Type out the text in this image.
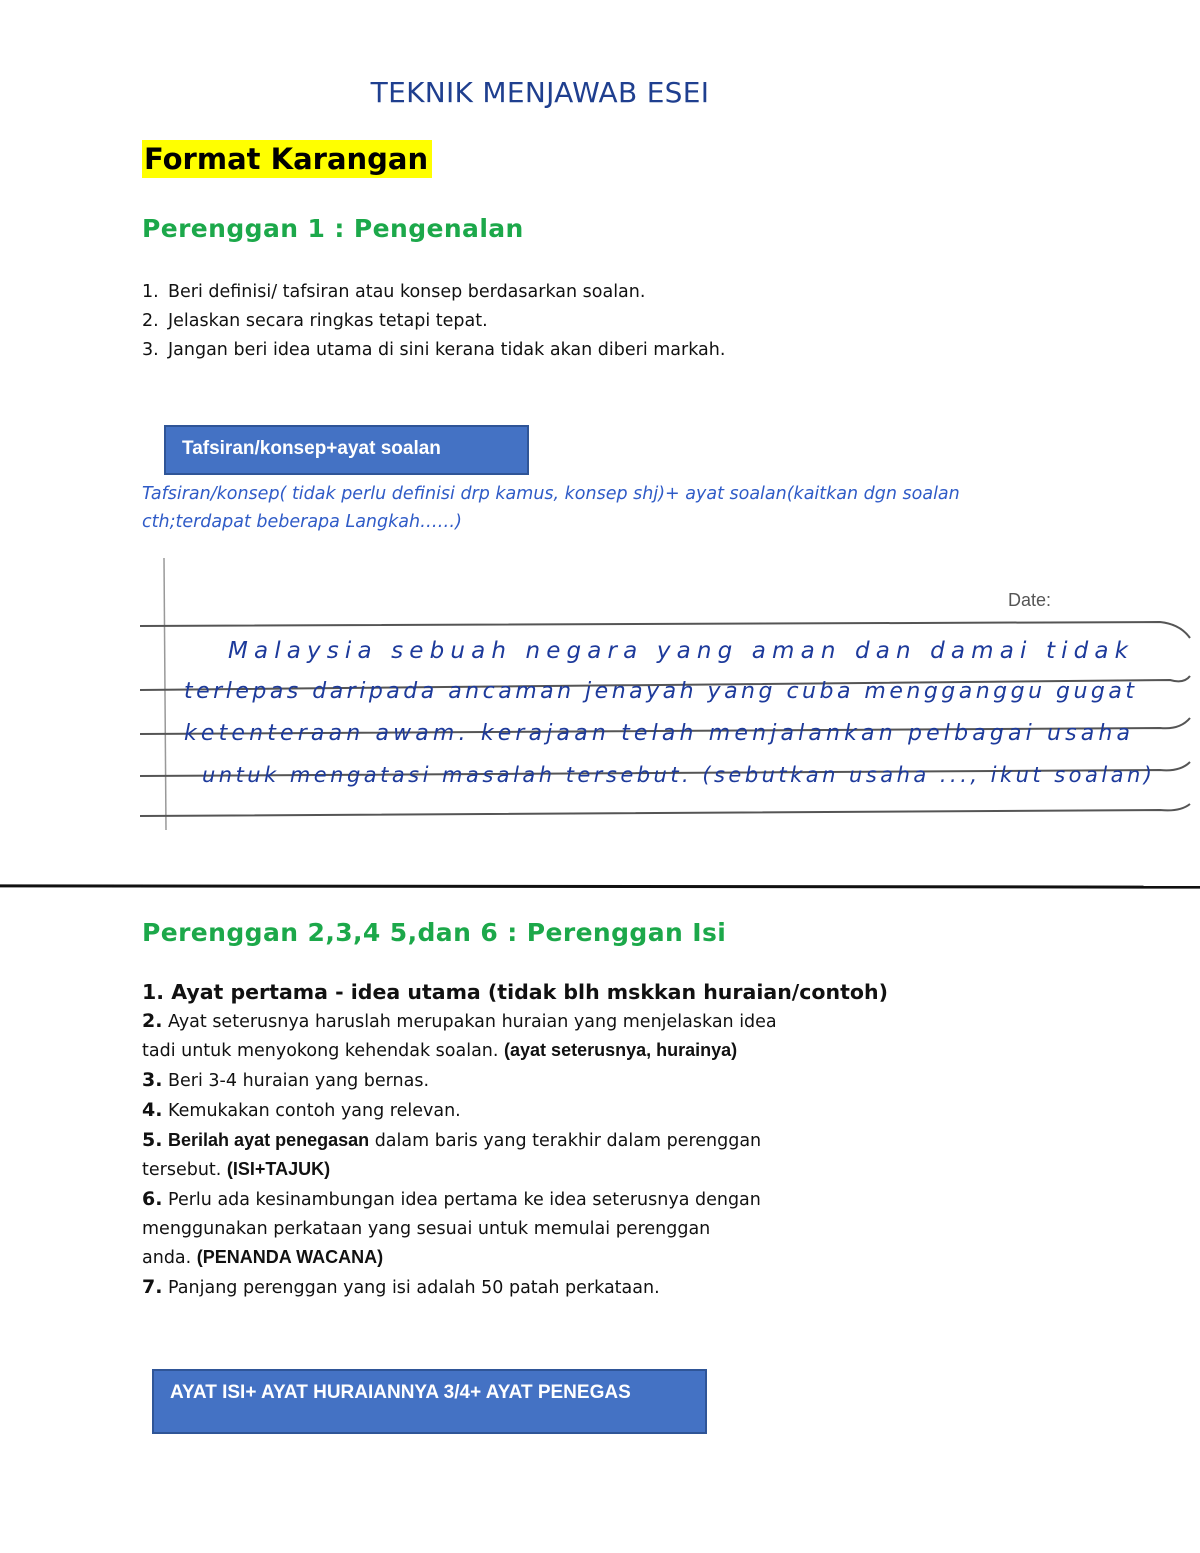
TEKNIK MENJAWAB ESEI
Format Karangan
Perenggan 1 : Pengenalan
1. Beri definisi/ tafsiran atau konsep berdasarkan soalan.
2. Jelaskan secara ringkas tetapi tepat.
3. Jangan beri idea utama di sini kerana tidak akan diberi markah.
Tafsiran/konsep+ayat soalan
Tafsiran/konsep( tidak perlu definisi drp kamus, konsep shj)+ ayat soalan(kaitkan dgn soalan
cth;terdapat beberapa Langkah……)
Date:
Malaysia sebuah negara yang aman dan damai tidak
terlepas daripada ancaman jenayah yang cuba mengganggu gugat
ketenteraan awam. kerajaan telah menjalankan pelbagai usaha
untuk mengatasi masalah tersebut. (sebutkan usaha ..., ikut soalan)
Perenggan 2,3,4 5,dan 6 : Perenggan Isi
1. Ayat pertama - idea utama (tidak blh mskkan huraian/contoh)
2. Ayat seterusnya haruslah merupakan huraian yang menjelaskan idea
tadi untuk menyokong kehendak soalan. (ayat seterusnya, hurainya)
3. Beri 3-4 huraian yang bernas.
4. Kemukakan contoh yang relevan.
5. Berilah ayat penegasan dalam baris yang terakhir dalam perenggan
tersebut. (ISI+TAJUK)
6. Perlu ada kesinambungan idea pertama ke idea seterusnya dengan
menggunakan perkataan yang sesuai untuk memulai perenggan
anda. (PENANDA WACANA)
7. Panjang perenggan yang isi adalah 50 patah perkataan.
AYAT ISI+ AYAT HURAIANNYA 3/4+ AYAT PENEGAS
